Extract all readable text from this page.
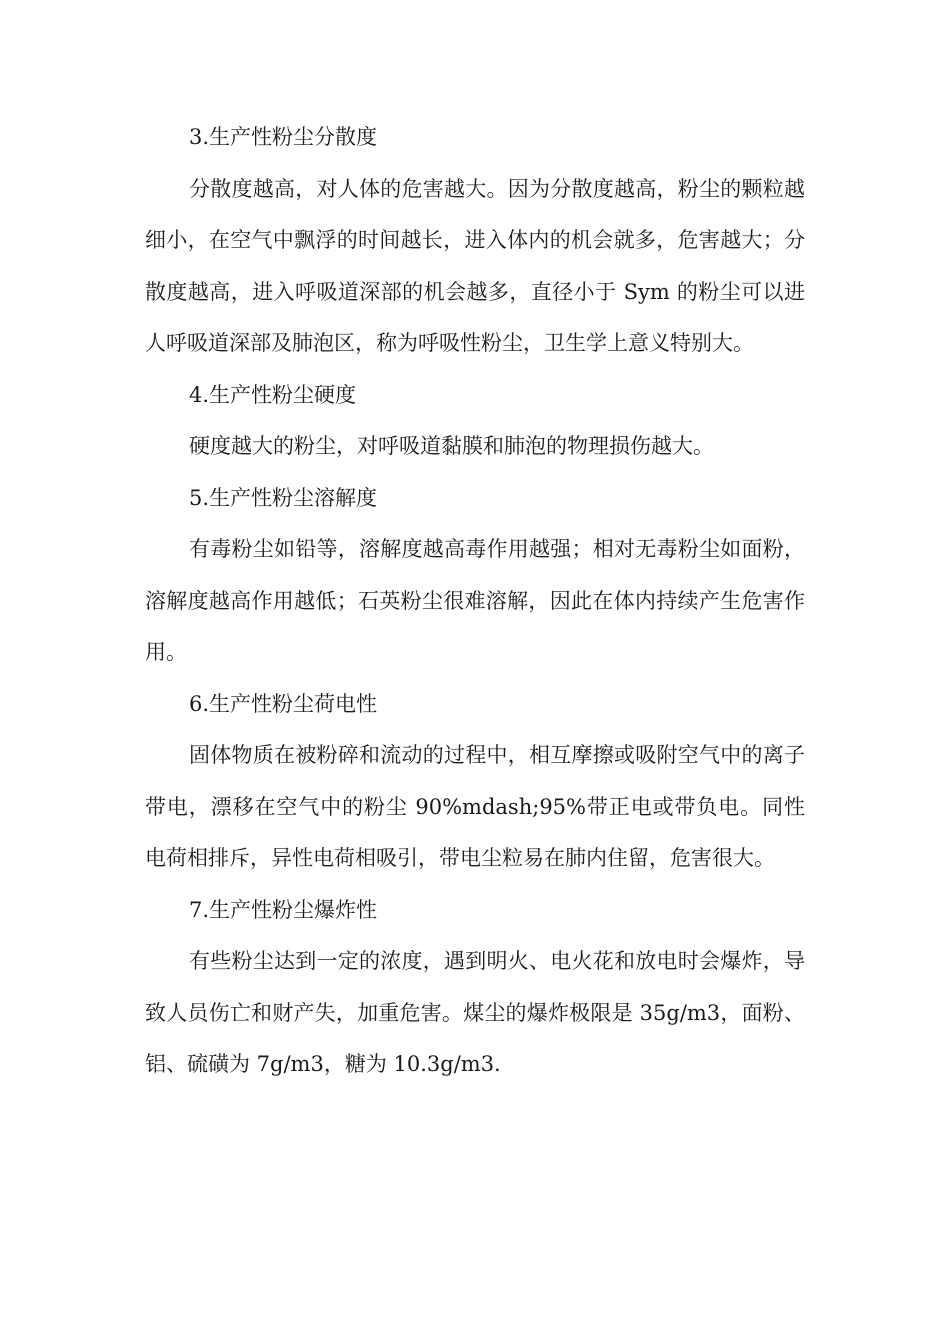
3.生产性粉尘分散度

分散度越高，对人体的危害越大。因为分散度越高，粉尘的颗粒越细小，在空气中飘浮的时间越长，进入体内的机会就多，危害越大；分散度越高，进入呼吸道深部的机会越多，直径小于 Sym 的粉尘可以进人呼吸道深部及肺泡区，称为呼吸性粉尘，卫生学上意义特别大。

4.生产性粉尘硬度

硬度越大的粉尘，对呼吸道黏膜和肺泡的物理损伤越大。

5.生产性粉尘溶解度

有毒粉尘如铅等，溶解度越高毒作用越强；相对无毒粉尘如面粉，溶解度越高作用越低；石英粉尘很难溶解，因此在体内持续产生危害作用。

6.生产性粉尘荷电性

固体物质在被粉碎和流动的过程中，相互摩擦或吸附空气中的离子带电，漂移在空气中的粉尘 90%mdash;95%带正电或带负电。同性电荷相排斥，异性电荷相吸引，带电尘粒易在肺内住留，危害很大。

7.生产性粉尘爆炸性

有些粉尘达到一定的浓度，遇到明火、电火花和放电时会爆炸，导致人员伤亡和财产失，加重危害。煤尘的爆炸极限是 35g/m3，面粉、铝、硫磺为 7g/m3，糖为 10.3g/m3.
